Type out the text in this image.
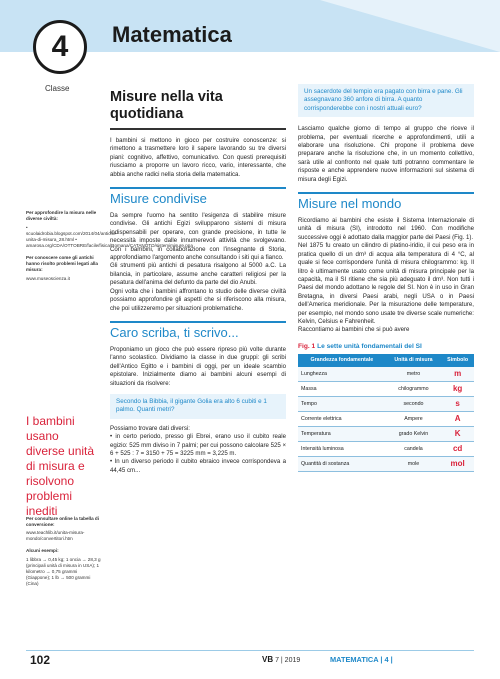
4
Classe
Matematica

Per approfondire la misura nelle diverse civiltà:

• scuolaidrobia.blogspot.com/2014/04/antiche-unita-di-misura_28.html • amarosa.org/CDA/OTTOBRE/facile/fisica/Romana/CATANOTO/sistemimisure.ppa

Per conoscere come gli antichi hanno risolto problemi legati alla misura:

www.museoscienza.it

I bambini usano diverse unità di misura e risolvono problemi inediti

Per consultare online la tabella di conversione:

www.teachlib.it/unita-misura-mondo/convertitori.htm

Alcuni esempi:

1 libbra → 0,45 kg; 1 oncia → 28,3 g (principali unità di misura in USA); 1 kilometro → 0,75 grammi (Giappone); 1 lb → 500 grammi (Cina)

Misure nella vita quotidiana

I bambini si mettono in gioco per costruire conoscenze: si rimettono a trasmettere loro il sapere lavorando su tre diversi piani: cognitivo, affettivo, comunicativo. Con questi prerequisiti riusciamo a proporre un lavoro ricco, vario, interessante, che abbia anche radici nella storia della matematica.

Misure condivise

Da sempre l'uomo ha sentito l'esigenza di stabilire misure condivise. Gli antichi Egizi svilupparono sistemi di misura indispensabili per operare, con grande precisione, in tutte le necessità imposte dalle innumerevoli attività che svolgevano. Con i bambini, in collaborazione con l'insegnante di Storia, approfondiamo l'argomento anche consultando i siti qui a fianco.

Gli strumenti più antichi di pesatura risalgono al 5000 a.C. La bilancia, in particolare, assume anche caratteri religiosi per la pesatura dell'anima del defunto da parte del dio Anubi.

Ogni volta che i bambini affrontano lo studio delle diverse civiltà possiamo approfondire gli aspetti che si riferiscono alla misura, che poi utilizzeremo per situazioni problematiche.

Caro scriba, ti scrivo...

Proponiamo un gioco che può essere ripreso più volte durante l'anno scolastico. Dividiamo la classe in due gruppi: gli scribi dell'Antico Egitto e i bambini di oggi, per un ideale scambio epistolare. Inizialmente diamo ai bambini alcuni esempi di situazioni da risolvere:

Secondo la Bibbia, il gigante Golia era alto 6 cubiti e 1 palmo. Quanti metri?

Possiamo trovare dati diversi:

• in certo periodo, presso gli Ebrei, erano uso il cubito reale egizio: 525 mm diviso in 7 palmi; per cui possono calcolare 525 × 6 + 525 : 7 = 3150 + 75 = 3225 mm = 3,225 m.

• In un diverso periodo il cubito ebraico invece corrispondeva a 44,45 cm...

Un sacerdote del tempio era pagato con birra e pane. Gli assegnavano 360 anfore di birra. A quanto corrisponderebbe con i nostri attuali euro?

Lasciamo qualche giorno di tempo al gruppo che riceve il problema, per eventuali ricerche e approfondimenti, utili a elaborare una risoluzione. Chi propone il problema deve preparare anche la risoluzione che, in un momento collettivo, sarà utile al confronto nel quale tutti potranno commentare le risposte e anche apprendere nuove informazioni sul sistema di misura degli Egizi.

Misure nel mondo

Ricordiamo ai bambini che esiste il Sistema Internazionale di unità di misura (SI), introdotto nel 1960. Con modifiche successive oggi è adottato dalla maggior parte dei Paesi (Fig. 1).

Nel 1875 fu creato un cilindro di platino-iridio, il cui peso era in pratica quello di un dm³ di acqua alla temperatura di 4 °C, al quale si fece corrispondere l'unità di misura chilogrammo: kg. Il litro è ultimamente usato come unità di misura principale per la capacità, ma il SI ritiene che sia più adeguato il dm³. Non tutti i Paesi del mondo adottano le regole del SI. Non è in uso in Gran Bretagna, in diversi Paesi arabi, negli USA o in Paesi dell'America meridionale. Per la misurazione delle temperature, per esempio, nel mondo sono usate tre diverse scale numeriche: Kelvin, Celsius e Fahrenheit.

Raccontiamo ai bambini che si può avere

Fig. 1 Le sette unità fondamentali del SI

Grandezza fondamentale	Unità di misura	Simbolo
Lunghezza	metro	m
Massa	chilogrammo	kg
Tempo	secondo	s
Corrente elettrica	Ampere	A
Temperatura	grado Kelvin	K
Intensità luminosa	candela	cd
Quantità di sostanza	mole	mol
102	VB 7 | 2019	MATEMATICA | 4 |
